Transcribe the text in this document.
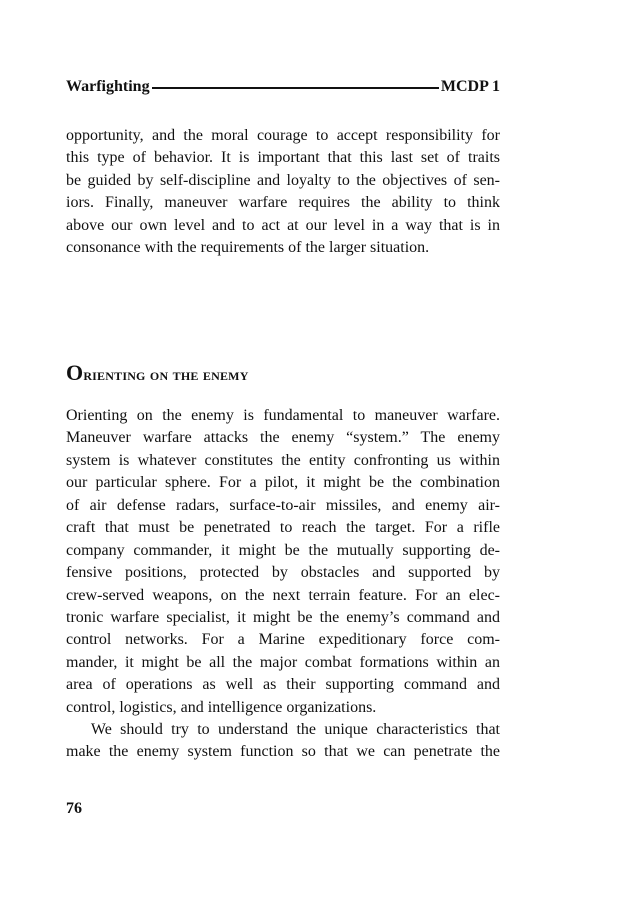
Warfighting	MCDP 1
opportunity, and the moral courage to accept responsibility for
this type of behavior. It is important that this last set of traits
be guided by self-discipline and loyalty to the objectives of sen-
iors. Finally, maneuver warfare requires the ability to think
above our own level and to act at our level in a way that is in
consonance with the requirements of the larger situation.
Orienting on the enemy
Orienting on the enemy is fundamental to maneuver warfare.
Maneuver warfare attacks the enemy “system.” The enemy
system is whatever constitutes the entity confronting us within
our particular sphere. For a pilot, it might be the combination
of air defense radars, surface-to-air missiles, and enemy air-
craft that must be penetrated to reach the target. For a rifle
company commander, it might be the mutually supporting de-
fensive positions, protected by obstacles and supported by
crew-served weapons, on the next terrain feature. For an elec-
tronic warfare specialist, it might be the enemy’s command and
control networks. For a Marine expeditionary force com-
mander, it might be all the major combat formations within an
area of operations as well as their supporting command and
control, logistics, and intelligence organizations.
We should try to understand the unique characteristics that
make the enemy system function so that we can penetrate the
76
